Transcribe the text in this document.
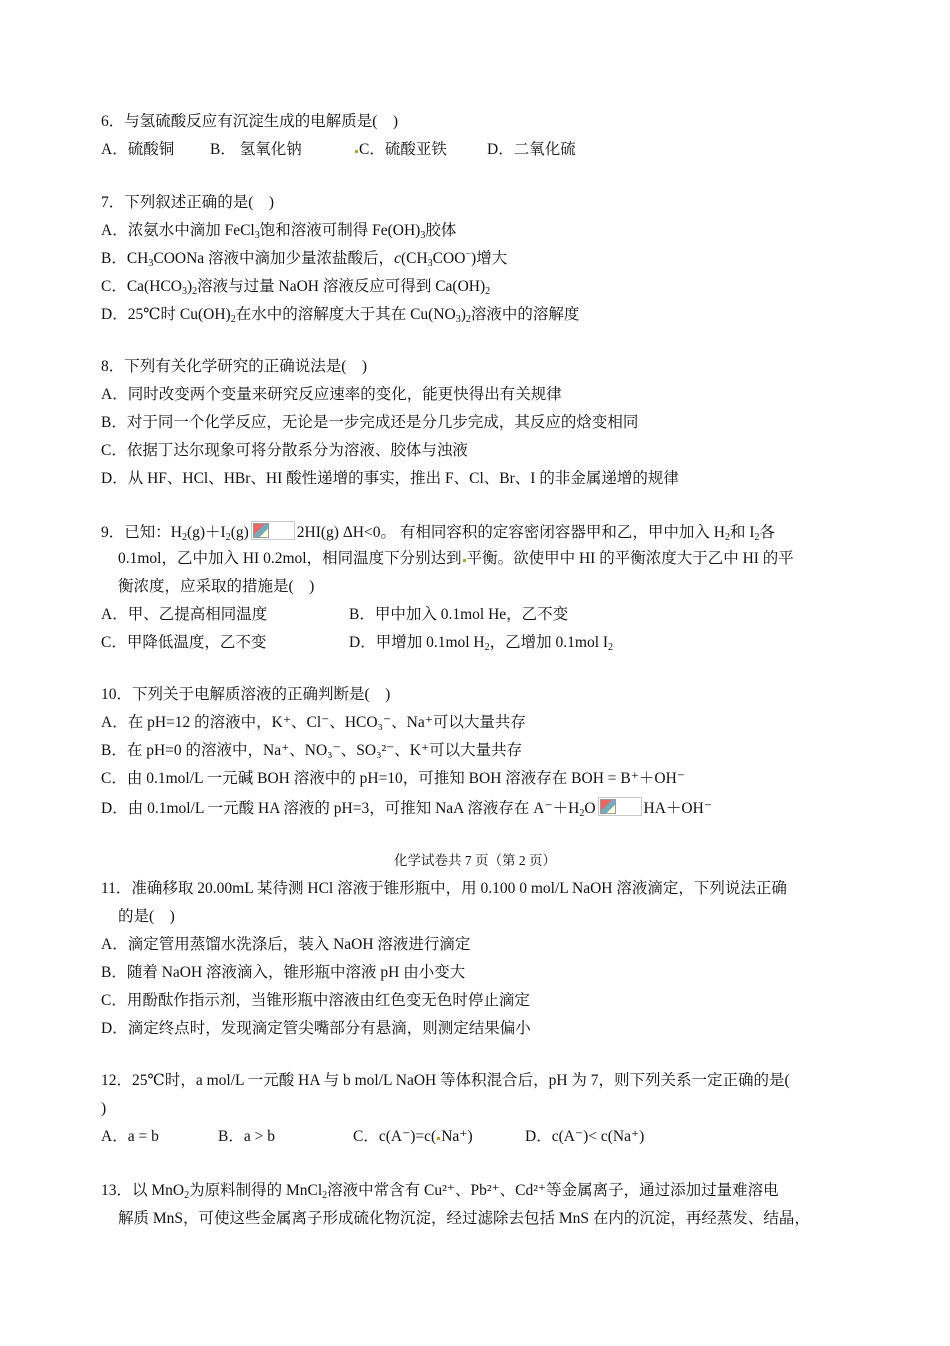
6．与氢硫酸反应有沉淀生成的电解质是(　)
A．硫酸铜 B． 氢氧化钠	C．硫酸亚铁	D．二氧化硫
7．下列叙述正确的是(　)
A．浓氨水中滴加 FeCl$_3$饱和溶液可制得 $Fe(OH)_3$胶体
B．$CH_3COONa$ 溶液中滴加少量浓盐酸后，$c(CH_3COO^-)$增大
C．$Ca(HCO_3)_2$溶液与过量 NaOH 溶液反应可得到 $Ca(OH)_2$
D．25℃时 $Cu(OH)_2$在水中的溶解度大于其在 $Cu(NO_3)_2$溶液中的溶解度
8．下列有关化学研究的正确说法是(　)
A．同时改变两个变量来研究反应速率的变化，能更快得出有关规律
B．对于同一个化学反应，无论是一步完成还是分几步完成，其反应的焓变相同
C．依据丁达尔现象可将分散系分为溶液、胶体与浊液
D．从 HF、HCl、HBr、HI 酸性递增的事实，推出 F、Cl、Br、I 的非金属递增的规律
9．已知：$H_2(g)+I_2(g)$	2HI(g) ΔH<0。 有相同容积的定容密闭容器甲和乙，甲中加入 $H_2$和 $I_2$各
0.1mol，乙中加入 HI 0.2mol，相同温度下分别达到 平衡。欲使甲中 HI 的平衡浓度大于乙中 HI 的平
衡浓度，应采取的措施是(　)
A．甲、乙提高相同温度	B．甲中加入 0.1mol He，乙不变
C．甲降低温度，乙不变	D．甲增加 0.1mol $H_2$，乙增加 0.1mol $I_2$
10．下列关于电解质溶液的正确判断是(　)
A．在 pH=12 的溶液中，K⁺、Cl⁻、HCO₃⁻、Na⁺可以大量共存
B．在 pH=0 的溶液中，Na⁺、NO₃⁻、SO₃²⁻、K⁺可以大量共存
C．由 0.1mol/L 一元碱 BOH 溶液中的 pH=10，可推知 BOH 溶液存在 BOH = B⁺＋OH⁻
D．由 0.1mol/L 一元酸 HA 溶液的 pH=3，可推知 NaA 溶液存在 $A^-+H_2O$	HA＋OH⁻
化学试卷共 7 页（第 2 页）
11．准确移取 20.00mL 某待测 HCl 溶液于锥形瓶中，用 0.100 0 mol/L NaOH 溶液滴定，下列说法正确
的是(　)
A．滴定管用蒸馏水洗涤后，装入 NaOH 溶液进行滴定
B．随着 NaOH 溶液滴入，锥形瓶中溶液 pH 由小变大
C．用酚酞作指示剂，当锥形瓶中溶液由红色变无色时停止滴定
D．滴定终点时，发现滴定管尖嘴部分有悬滴，则测定结果偏小
12．25℃时，a mol/L 一元酸 HA 与 b mol/L NaOH 等体积混合后，pH 为 7，则下列关系一定正确的是(
)
A．a = b	B．a > b	C．c(A⁻)=c( Na⁺)	D．c(A⁻)< c(Na⁺)
13．以 MnO$_2$为原料制得的 MnCl$_2$溶液中常含有 Cu²⁺、Pb²⁺、Cd²⁺等金属离子，通过添加过量难溶电
解质 MnS，可使这些金属离子形成硫化物沉淀，经过滤除去包括 MnS 在内的沉淀，再经蒸发、结晶，
